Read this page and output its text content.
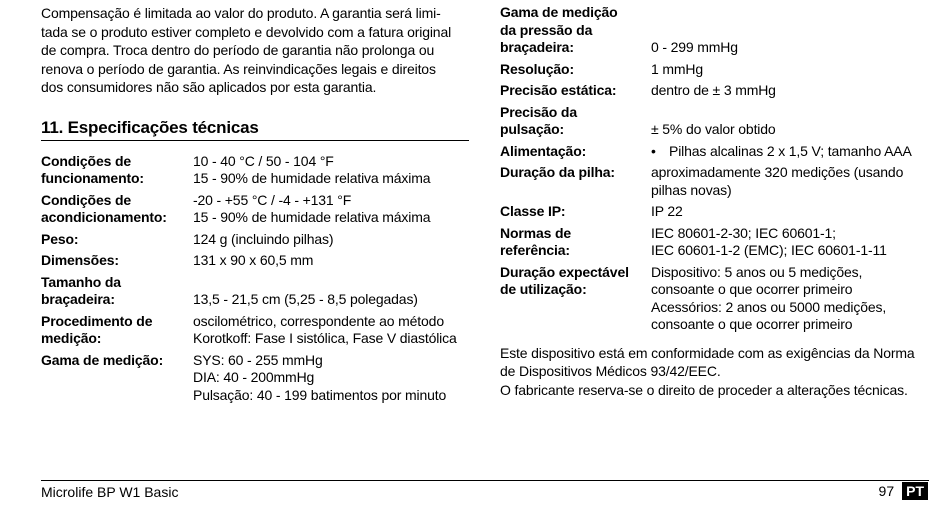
Compensação é limitada ao valor do produto. A garantia será limi-
tada se o produto estiver completo e devolvido com a fatura original
de compra. Troca dentro do período de garantia não prolonga ou
renova o período de garantia. As reinvindicações legais e direitos
dos consumidores não são aplicados por esta garantia.

11. Especificações técnicas
Condições de
funcionamento:	10 - 40 °C / 50 - 104 °F
15 - 90% de humidade relativa máxima

Condições de
acondicionamento:	-20 - +55 °C / -4 - +131 °F
15 - 90% de humidade relativa máxima

Peso:	124 g (incluindo pilhas)
Dimensões:	131 x 90 x 60,5 mm

Tamanho da
braçadeira:	13,5 - 21,5 cm (5,25 - 8,5 polegadas)

Procedimento de
medição:	oscilométrico, correspondente ao método
Korotkoff: Fase I sistólica, Fase V diastólica

Gama de medição:	SYS: 60 - 255 mmHg
DIA: 40 - 200mmHg
Pulsação: 40 - 199 batimentos por minuto
Gama de medição
da pressão da
braçadeira:	0 - 299 mmHg
Resolução:	1 mmHg
Precisão estática:	dentro de ± 3 mmHg

Precisão da
pulsação:	± 5% do valor obtido
Alimentação:	• Pilhas alcalinas 2 x 1,5 V; tamanho AAA
Duração da pilha:	aproximadamente 320 medições (usando
pilhas novas)

Classe IP:	IP 22

Normas de
referência:	IEC 80601-2-30; IEC 60601-1;
IEC 60601-1-2 (EMC); IEC 60601-1-11

Duração expectável
de utilização:	Dispositivo: 5 anos ou 5 medições,
consoante o que ocorrer primeiro
Acessórios: 2 anos ou 5000 medições,
consoante o que ocorrer primeiro

Este dispositivo está em conformidade com as exigências da Norma
de Dispositivos Médicos 93/42/EEC.
O fabricante reserva-se o direito de proceder a alterações técnicas.

Microlife BP W1 Basic	97 PT
